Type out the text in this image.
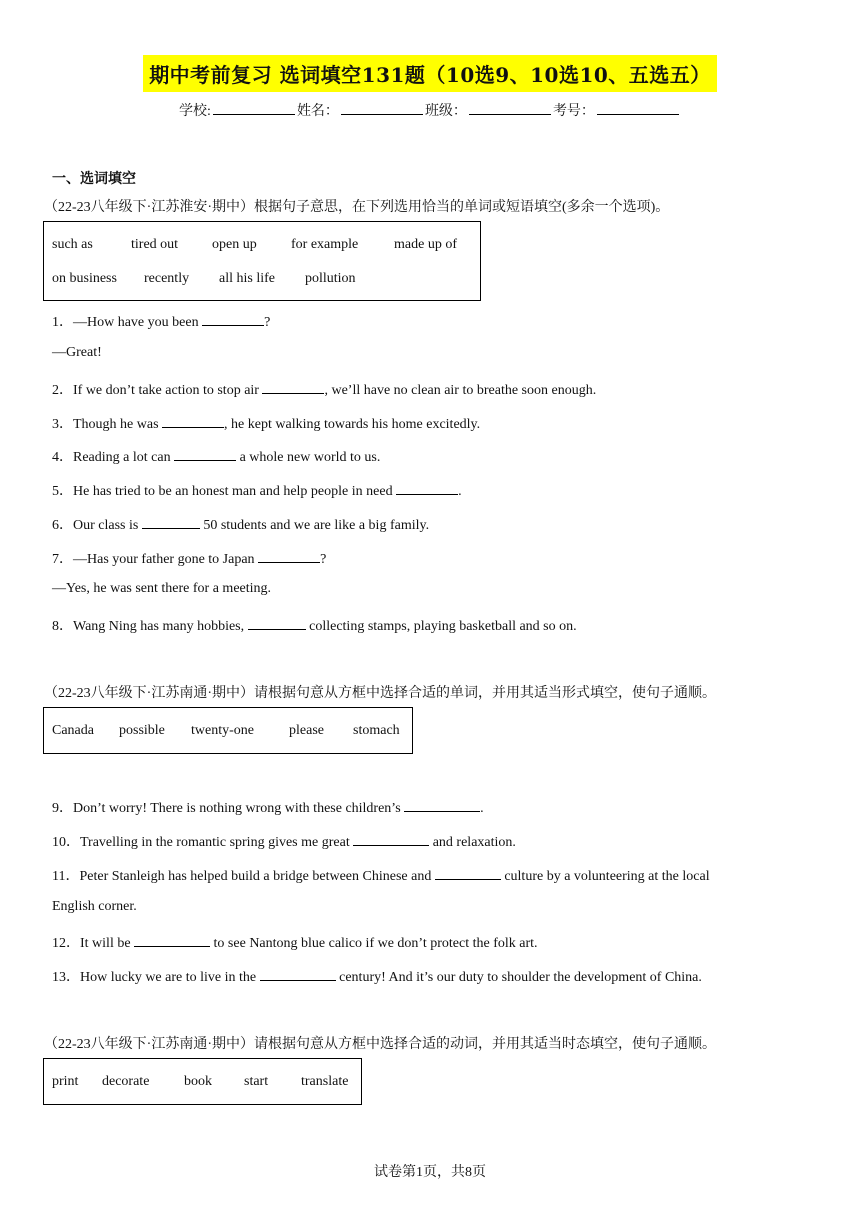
期中考前复习 选词填空131题（10选9、10选10、五选五）
学校:	姓名：	班级：	考号：
一、选词填空
（22-23八年级下·江苏淮安·期中）根据句子意思，在下列选用恰当的单词或短语填空(多余一个选项)。
such as	tired out open up for example	made up of
on business recently all his life pollution
1．—How have you been	?
—Great!
2．If we don’t take action to stop air	, we’ll have no clean air to breathe soon enough.
3．Though he was	, he kept walking towards his home excitedly.
4．Reading a lot can	a whole new world to us.
5．He has tried to be an honest man and help people in need	.
6．Our class is	50 students and we are like a big family.
7．—Has your father gone to Japan	?
—Yes, he was sent there for a meeting.
8．Wang Ning has many hobbies,	collecting stamps, playing basketball and so on.
（22-23八年级下·江苏南通·期中）请根据句意从方框中选择合适的单词，并用其适当形式填空，使句子通顺。
Canada possible twenty-one	please stomach
9．Don’t worry! There is nothing wrong with these children’s	.
10．Travelling in the romantic spring gives me great	and relaxation.
11．Peter Stanleigh has helped build a bridge between Chinese and	culture by a volunteering at the local
English corner.
12．It will be	to see Nantong blue calico if we don’t protect the folk art.
13．How lucky we are to live in the	century! And it’s our duty to shoulder the development of China.
（22-23八年级下·江苏南通·期中）请根据句意从方框中选择合适的动词，并用其适当时态填空，使句子通顺。
print decorate book start translate
试卷第1页，共8页
